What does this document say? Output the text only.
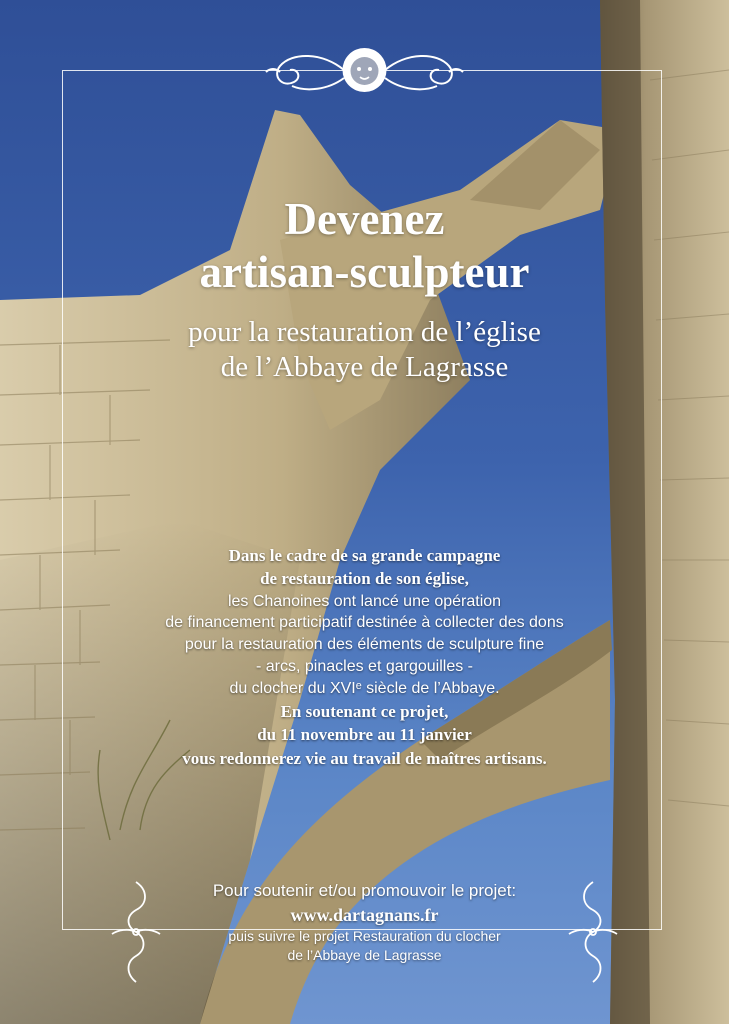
Devenez
artisan-sculpteur
pour la restauration de l’église
de l’Abbaye de Lagrasse
Dans le cadre de sa grande campagne
de restauration de son église,
les Chanoines ont lancé une opération
de financement participatif destinée à collecter des dons
pour la restauration des éléments de sculpture fine
- arcs, pinacles et gargouilles -
du clocher du XVIᵉ siècle de l’Abbaye.
En soutenant ce projet,
du 11 novembre au 11 janvier
vous redonnerez vie au travail de maîtres artisans.
Pour soutenir et/ou promouvoir le projet:
www.dartagnans.fr
puis suivre le projet Restauration du clocher
de l’Abbaye de Lagrasse
